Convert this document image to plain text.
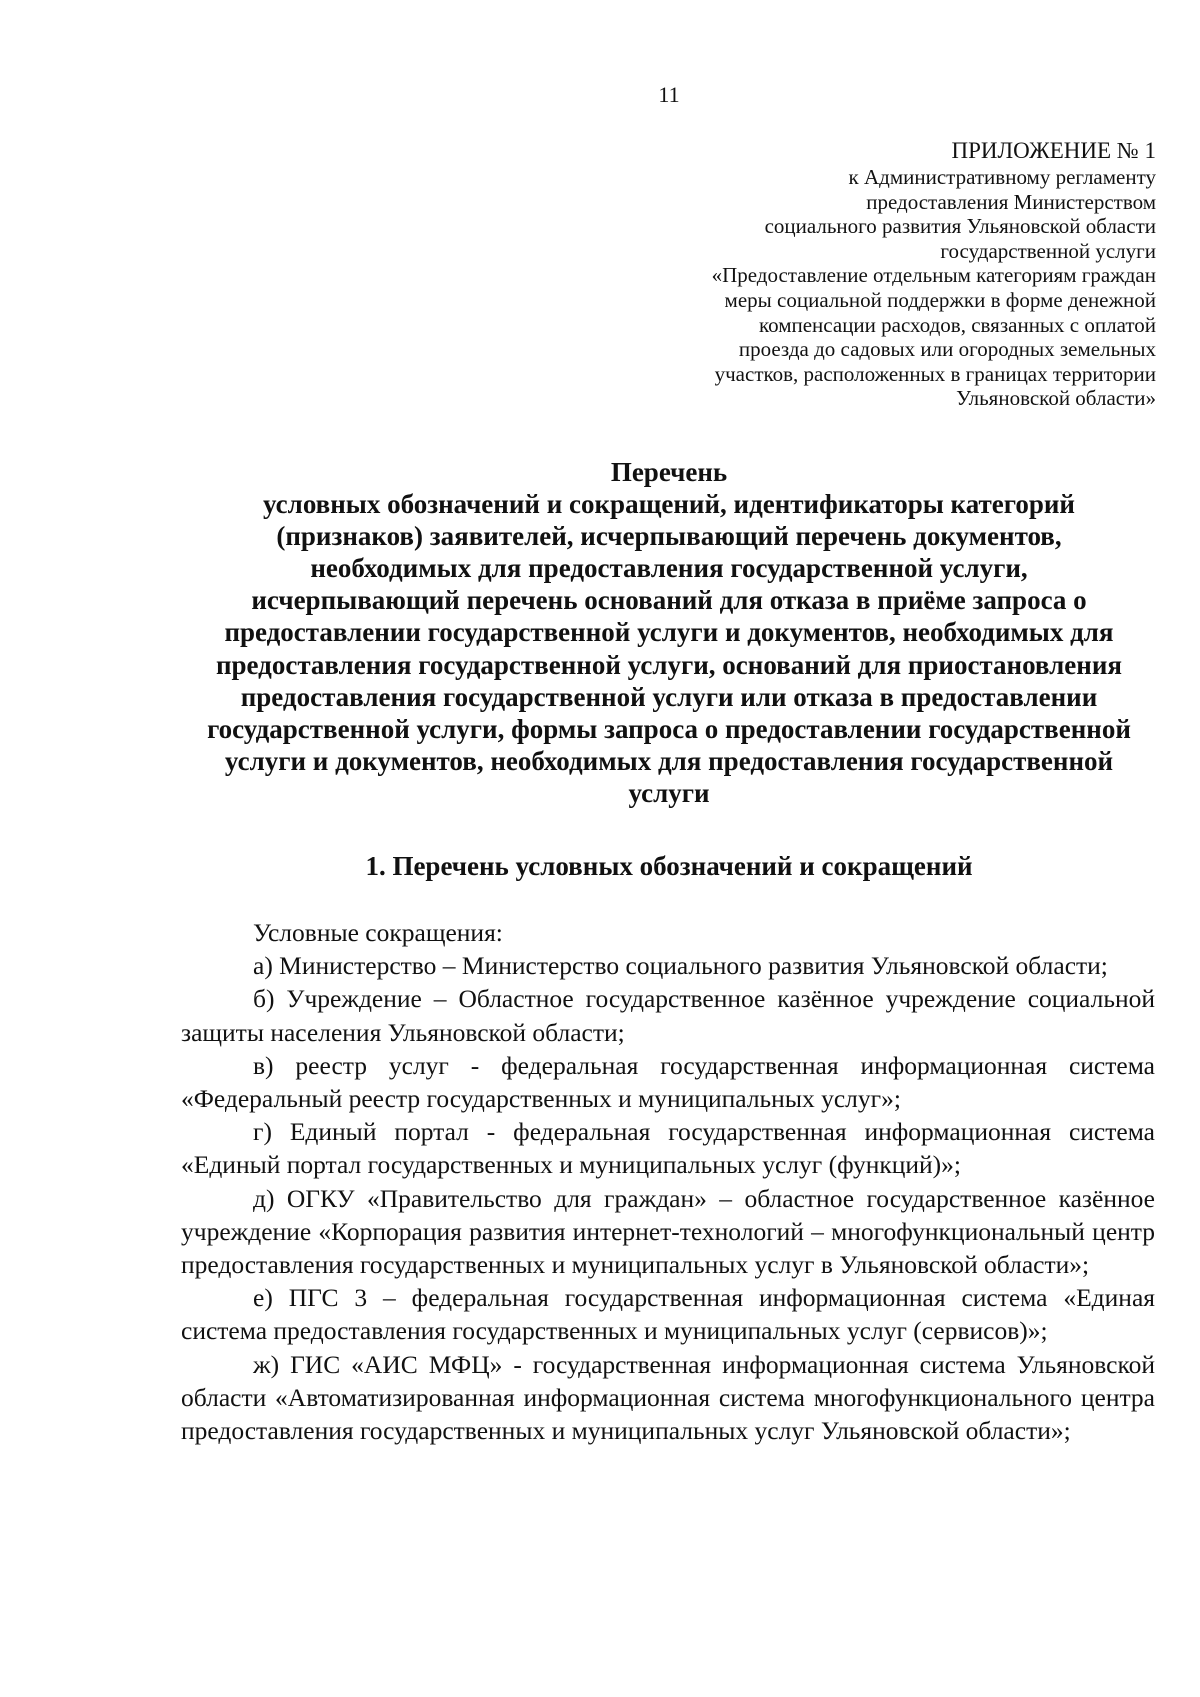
11
ПРИЛОЖЕНИЕ № 1
к Административному регламенту
предоставления Министерством
социального развития Ульяновской области
государственной услуги
«Предоставление отдельным категориям граждан
меры социальной поддержки в форме денежной
компенсации расходов, связанных с оплатой
проезда до садовых или огородных земельных
участков, расположенных в границах территории
Ульяновской области»
Перечень
условных обозначений и сокращений, идентификаторы категорий
(признаков) заявителей, исчерпывающий перечень документов,
необходимых для предоставления государственной услуги,
исчерпывающий перечень оснований для отказа в приёме запроса о
предоставлении государственной услуги и документов, необходимых для
предоставления государственной услуги, оснований для приостановления
предоставления государственной услуги или отказа в предоставлении
государственной услуги, формы запроса о предоставлении государственной
услуги и документов, необходимых для предоставления государственной
услуги
1. Перечень условных обозначений и сокращений

Условные сокращения:

а) Министерство – Министерство социального развития Ульяновской области;

б) Учреждение – Областное государственное казённое учреждение социальной защиты населения Ульяновской области;

в) реестр услуг - федеральная государственная информационная система «Федеральный реестр государственных и муниципальных услуг»;

г) Единый портал - федеральная государственная информационная система «Единый портал государственных и муниципальных услуг (функций)»;

д) ОГКУ «Правительство для граждан» – областное государственное казённое учреждение «Корпорация развития интернет-технологий – многофункциональный центр предоставления государственных и муниципальных услуг в Ульяновской области»;

е) ПГС 3 – федеральная государственная информационная система «Единая система предоставления государственных и муниципальных услуг (сервисов)»;

ж) ГИС «АИС МФЦ» - государственная информационная система Ульяновской области «Автоматизированная информационная система многофункционального центра предоставления государственных и муниципальных услуг Ульяновской области»;
